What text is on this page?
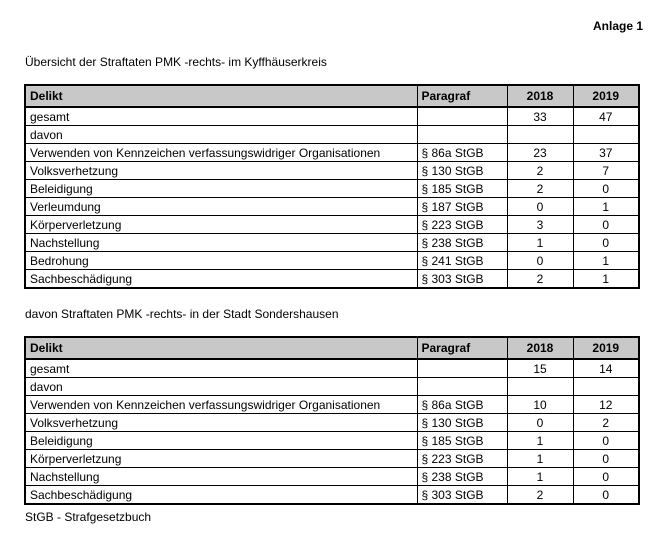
Anlage 1
Übersicht der Straftaten PMK -rechts- im Kyffhäuserkreis
Delikt	Paragraf	2018	2019
gesamt		33	47
davon			
Verwenden von Kennzeichen verfassungswidriger Organisationen	§ 86a StGB	23	37
Volksverhetzung	§ 130 StGB	2	7
Beleidigung	§ 185 StGB	2	0
Verleumdung	§ 187 StGB	0	1
Körperverletzung	§ 223 StGB	3	0
Nachstellung	§ 238 StGB	1	0
Bedrohung	§ 241 StGB	0	1
Sachbeschädigung	§ 303 StGB	2	1
davon Straftaten PMK -rechts- in der Stadt Sondershausen
Delikt	Paragraf	2018	2019
gesamt		15	14
davon			
Verwenden von Kennzeichen verfassungswidriger Organisationen	§ 86a StGB	10	12
Volksverhetzung	§ 130 StGB	0	2
Beleidigung	§ 185 StGB	1	0
Körperverletzung	§ 223 StGB	1	0
Nachstellung	§ 238 StGB	1	0
Sachbeschädigung	§ 303 StGB	2	0
StGB - Strafgesetzbuch
